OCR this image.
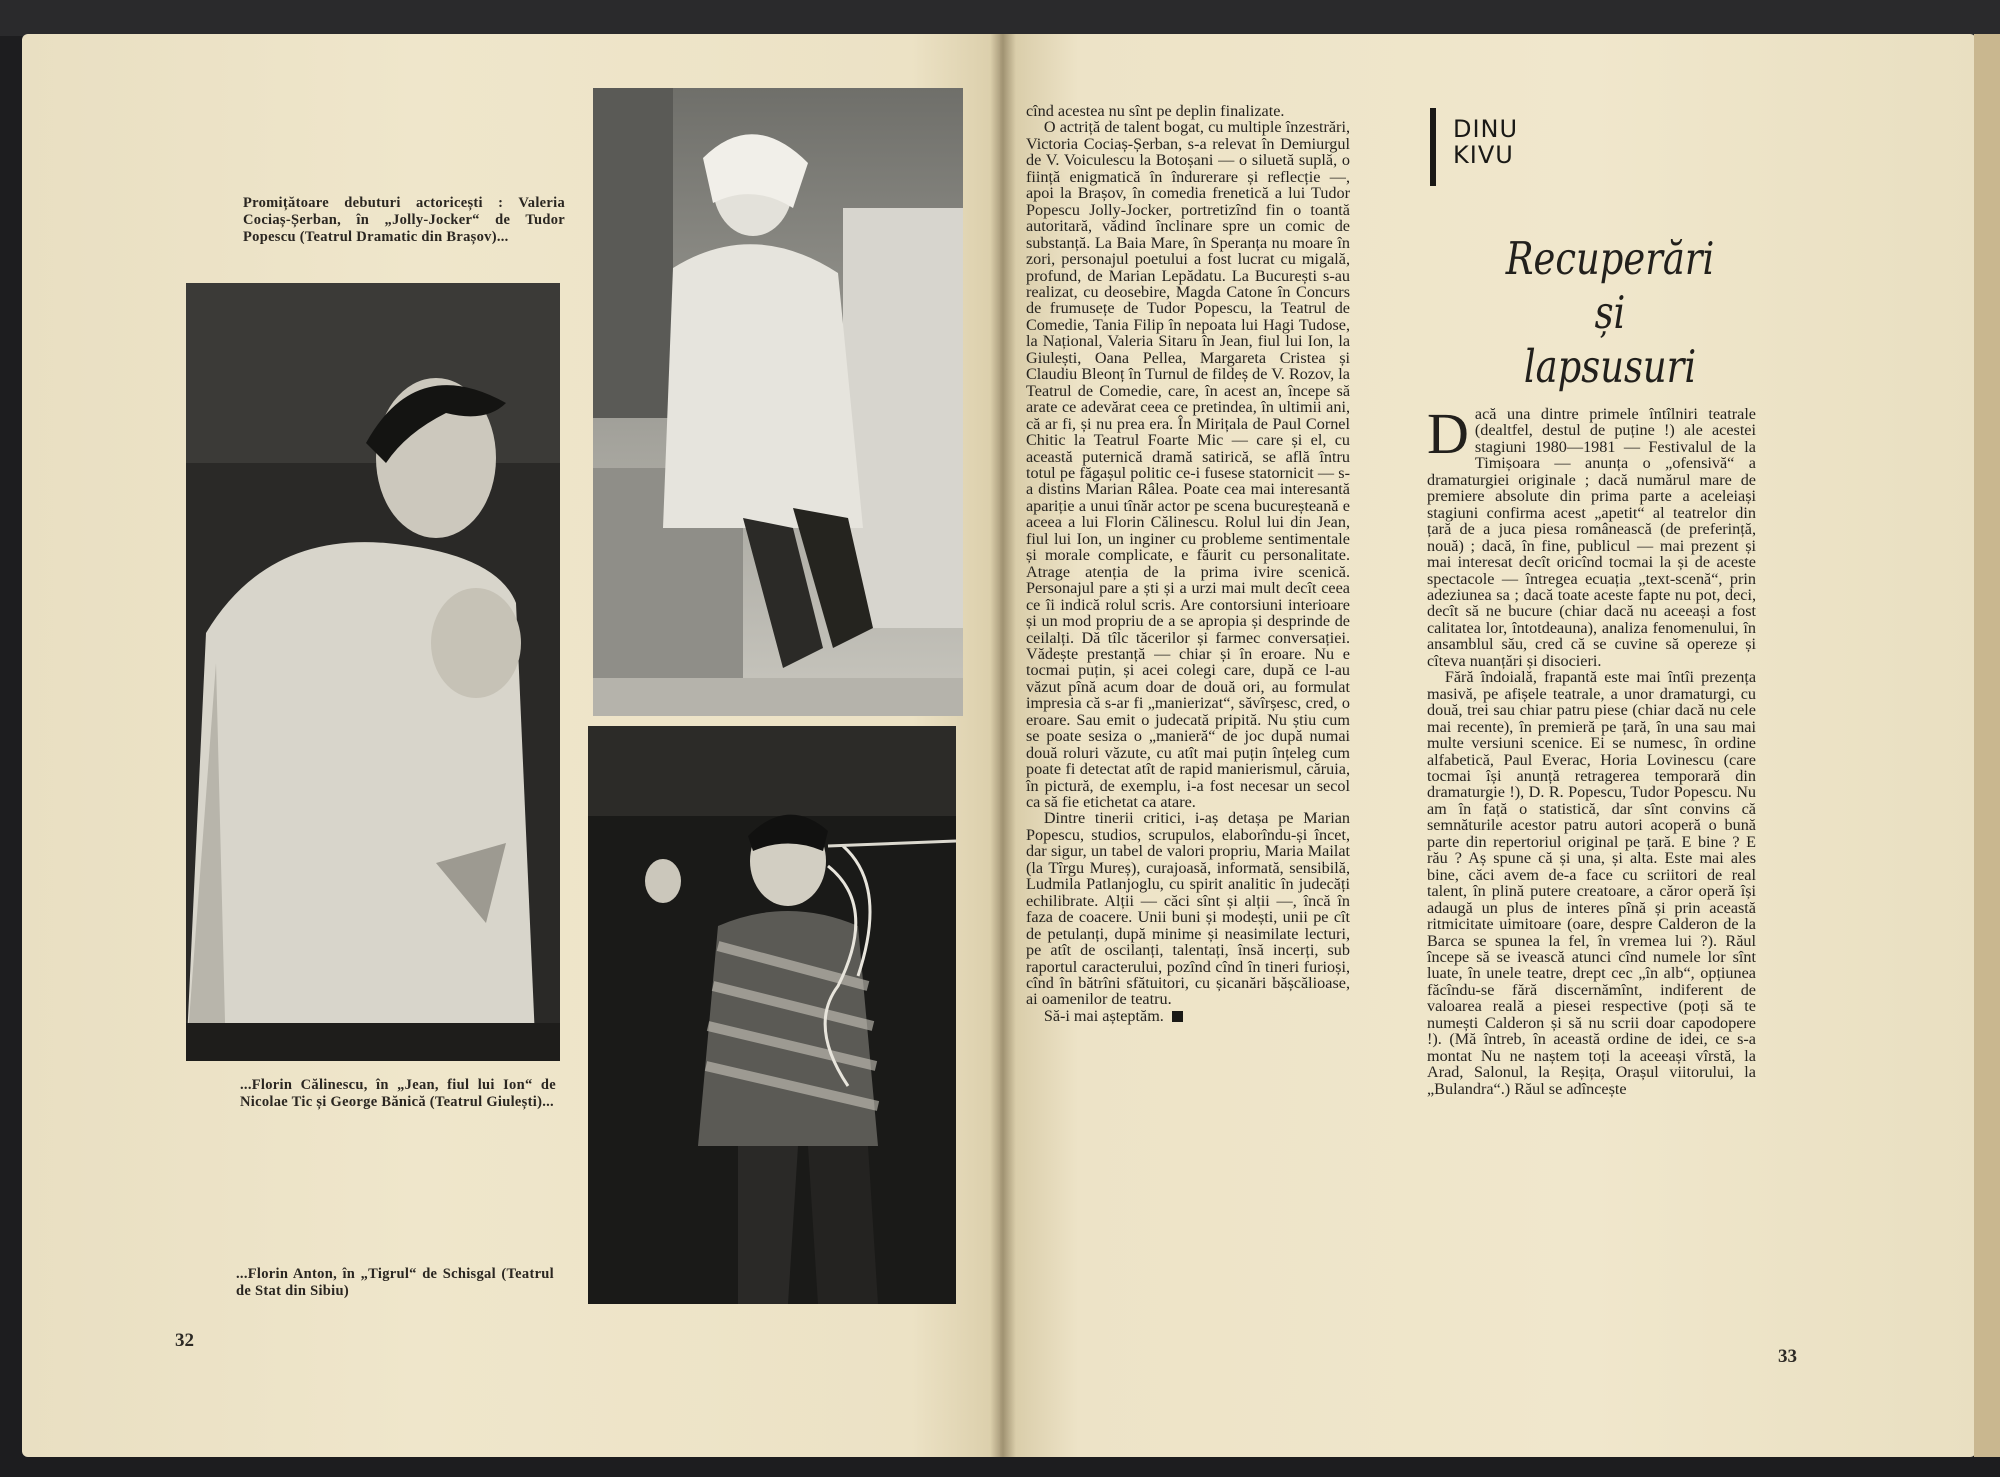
Promițătoare debuturi actoricești : Valeria Cociaș-Șerban, în „Jolly-Jocker“ de Tudor Popescu (Teatrul Dramatic din Brașov)...
...Florin Călinescu, în „Jean, fiul lui Ion“ de Nicolae Tic și George Bănică (Teatrul Giulești)...
...Florin Anton, în „Tigrul“ de Schisgal (Teatrul de Stat din Sibiu)
32

cînd acestea nu sînt pe deplin finalizate.

O actriță de talent bogat, cu multiple înzestrări, Victoria Cociaș-Șerban, s-a relevat în Demiurgul de V. Voiculescu la Botoșani — o siluetă suplă, o ființă enigmatică în îndurerare și reflecție —, apoi la Brașov, în comedia frenetică a lui Tudor Popescu Jolly-Jocker, portretizînd fin o toantă autoritară, vădind înclinare spre un comic de substanță. La Baia Mare, în Speranța nu moare în zori, personajul poetului a fost lucrat cu migală, profund, de Marian Lepădatu. La București s-au realizat, cu deosebire, Magda Catone în Concurs de frumusețe de Tudor Popescu, la Teatrul de Comedie, Tania Filip în nepoata lui Hagi Tudose, la Național, Valeria Sitaru în Jean, fiul lui Ion, la Giulești, Oana Pellea, Margareta Cristea și Claudiu Bleonț în Turnul de fildeș de V. Rozov, la Teatrul de Comedie, care, în acest an, începe să arate ce adevărat ceea ce pretindea, în ultimii ani, că ar fi, și nu prea era. În Mirițala de Paul Cornel Chitic la Teatrul Foarte Mic — care și el, cu această puternică dramă satirică, se află întru totul pe făgașul politic ce-i fusese statornicit — s-a distins Marian Râlea. Poate cea mai interesantă apariție a unui tînăr actor pe scena bucureșteană e aceea a lui Florin Călinescu. Rolul lui din Jean, fiul lui Ion, un inginer cu probleme sentimentale și morale complicate, e făurit cu personalitate. Atrage atenția de la prima ivire scenică. Personajul pare a ști și a urzi mai mult decît ceea ce îi indică rolul scris. Are contorsiuni interioare și un mod propriu de a se apropia și desprinde de ceilalți. Dă tîlc tăcerilor și farmec conversației. Vădește prestanță — chiar și în eroare. Nu e tocmai puțin, și acei colegi care, după ce l-au văzut pînă acum doar de două ori, au formulat impresia că s-ar fi „manierizat“, săvîrșesc, cred, o eroare. Sau emit o judecată pripită. Nu știu cum se poate sesiza o „manieră“ de joc după numai două roluri văzute, cu atît mai puțin înțeleg cum poate fi detectat atît de rapid manierismul, căruia, în pictură, de exemplu, i-a fost necesar un secol ca să fie etichetat ca atare.

Dintre tinerii critici, i-aș detașa pe Marian Popescu, studios, scrupulos, elaborîndu-și încet, dar sigur, un tabel de valori propriu, Maria Mailat (la Tîrgu Mureș), curajoasă, informată, sensibilă, Ludmila Patlanjoglu, cu spirit analitic în judecăți echilibrate. Alții — căci sînt și alții —, încă în faza de coacere. Unii buni și modești, unii pe cît de petulanți, după minime și neasimilate lecturi, pe atît de oscilanți, talentați, însă incerți, sub raportul caracterului, pozînd cînd în tineri furioși, cînd în bătrîni sfătuitori, cu șicanări bășcălioase, ai oamenilor de teatru.

Să-i mai așteptăm.

DINU
KIVU
Recuperări
și
lapsusuri

Dacă una dintre primele întîlniri teatrale (dealtfel, destul de puține !) ale acestei stagiuni 1980—1981 — Festivalul de la Timișoara — anunța o „ofensivă“ a dramaturgiei originale ; dacă numărul mare de premiere absolute din prima parte a aceleiași stagiuni confirma acest „apetit“ al teatrelor din țară de a juca piesa românească (de preferință, nouă) ; dacă, în fine, publicul — mai prezent și mai interesat decît oricînd tocmai la și de aceste spectacole — întregea ecuația „text-scenă“, prin adeziunea sa ; dacă toate aceste fapte nu pot, deci, decît să ne bucure (chiar dacă nu aceeași a fost calitatea lor, întotdeauna), analiza fenomenului, în ansamblul său, cred că se cuvine să opereze și cîteva nuanțări și disocieri.

Fără îndoială, frapantă este mai întîi prezența masivă, pe afișele teatrale, a unor dramaturgi, cu două, trei sau chiar patru piese (chiar dacă nu cele mai recente), în premieră pe țară, în una sau mai multe versiuni scenice. Ei se numesc, în ordine alfabetică, Paul Everac, Horia Lovinescu (care tocmai își anunță retragerea temporară din dramaturgie !), D. R. Popescu, Tudor Popescu. Nu am în față o statistică, dar sînt convins că semnăturile acestor patru autori acoperă o bună parte din repertoriul original pe țară. E bine ? E rău ? Aș spune că și una, și alta. Este mai ales bine, căci avem de-a face cu scriitori de real talent, în plină putere creatoare, a căror operă își adaugă un plus de interes pînă și prin această ritmicitate uimitoare (oare, despre Calderon de la Barca se spunea la fel, în vremea lui ?). Răul începe să se ivească atunci cînd numele lor sînt luate, în unele teatre, drept cec „în alb“, opțiunea făcîndu-se fără discernămînt, indiferent de valoarea reală a piesei respective (poți să te numești Calderon și să nu scrii doar capodopere !). (Mă întreb, în această ordine de idei, ce s-a montat Nu ne naștem toți la aceeași vîrstă, la Arad, Salonul, la Reșița, Orașul viitorului, la „Bulandra“.) Răul se adîncește

33
